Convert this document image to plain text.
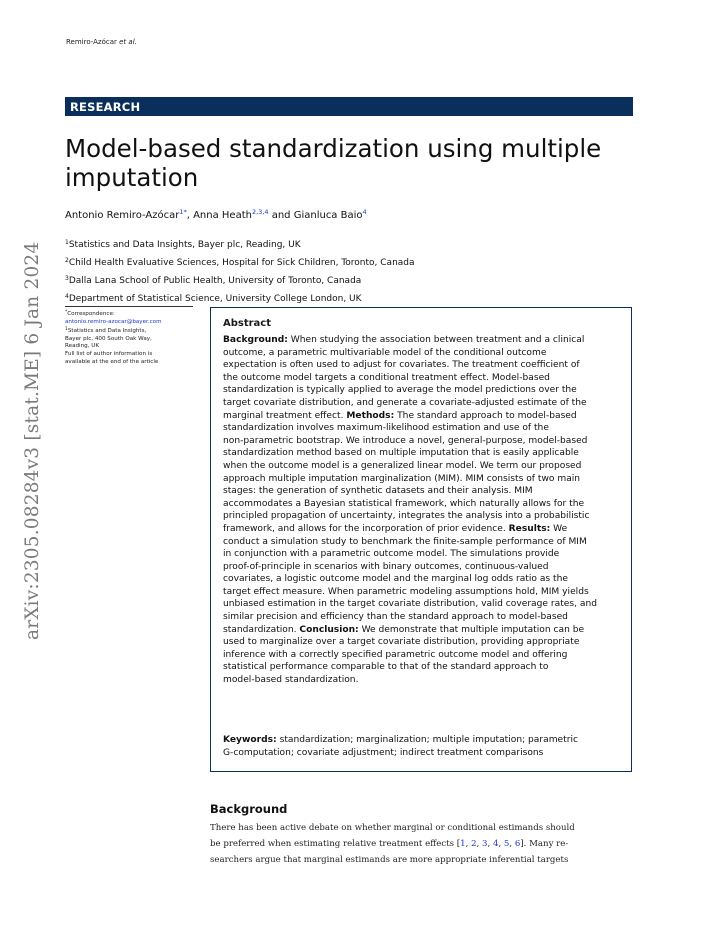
Remiro-Azócar et al.
arXiv:2305.08284v3 [stat.ME] 6 Jan 2024
RESEARCH
Model-based standardization using multiple
imputation
Antonio Remiro-Azócar$^{1*}$, Anna Heath$^{2,3,4}$ and Gianluca Baio$^4$
$^1$Statistics and Data Insights, Bayer plc, Reading, UK
$^2$Child Health Evaluative Sciences, Hospital for Sick Children, Toronto, Canada
$^3$Dalla Lana School of Public Health, University of Toronto, Canada
$^4$Department of Statistical Science, University College London, UK
*Correspondence:
antonio.remiro-azocar@bayer.com
$^1$Statistics and Data Insights,
Bayer plc, 400 South Oak Way,
Reading, UK
Full list of author information is
available at the end of the article
Abstract
Background: When studying the association between treatment and a clinical
outcome, a parametric multivariable model of the conditional outcome
expectation is often used to adjust for covariates. The treatment coefficient of
the outcome model targets a conditional treatment effect. Model-based
standardization is typically applied to average the model predictions over the
target covariate distribution, and generate a covariate-adjusted estimate of the
marginal treatment effect. Methods: The standard approach to model-based
standardization involves maximum-likelihood estimation and use of the
non-parametric bootstrap. We introduce a novel, general-purpose, model-based
standardization method based on multiple imputation that is easily applicable
when the outcome model is a generalized linear model. We term our proposed
approach multiple imputation marginalization (MIM). MIM consists of two main
stages: the generation of synthetic datasets and their analysis. MIM
accommodates a Bayesian statistical framework, which naturally allows for the
principled propagation of uncertainty, integrates the analysis into a probabilistic
framework, and allows for the incorporation of prior evidence. Results: We
conduct a simulation study to benchmark the finite-sample performance of MIM
in conjunction with a parametric outcome model. The simulations provide
proof-of-principle in scenarios with binary outcomes, continuous-valued
covariates, a logistic outcome model and the marginal log odds ratio as the
target effect measure. When parametric modeling assumptions hold, MIM yields
unbiased estimation in the target covariate distribution, valid coverage rates, and
similar precision and efficiency than the standard approach to model-based
standardization. Conclusion: We demonstrate that multiple imputation can be
used to marginalize over a target covariate distribution, providing appropriate
inference with a correctly specified parametric outcome model and offering
statistical performance comparable to that of the standard approach to
model-based standardization.
Keywords: standardization; marginalization; multiple imputation; parametric
G-computation; covariate adjustment; indirect treatment comparisons
Background
There has been active debate on whether marginal or conditional estimands should
be preferred when estimating relative treatment effects [1, 2, 3, 4, 5, 6]. Many re-
searchers argue that marginal estimands are more appropriate inferential targets
